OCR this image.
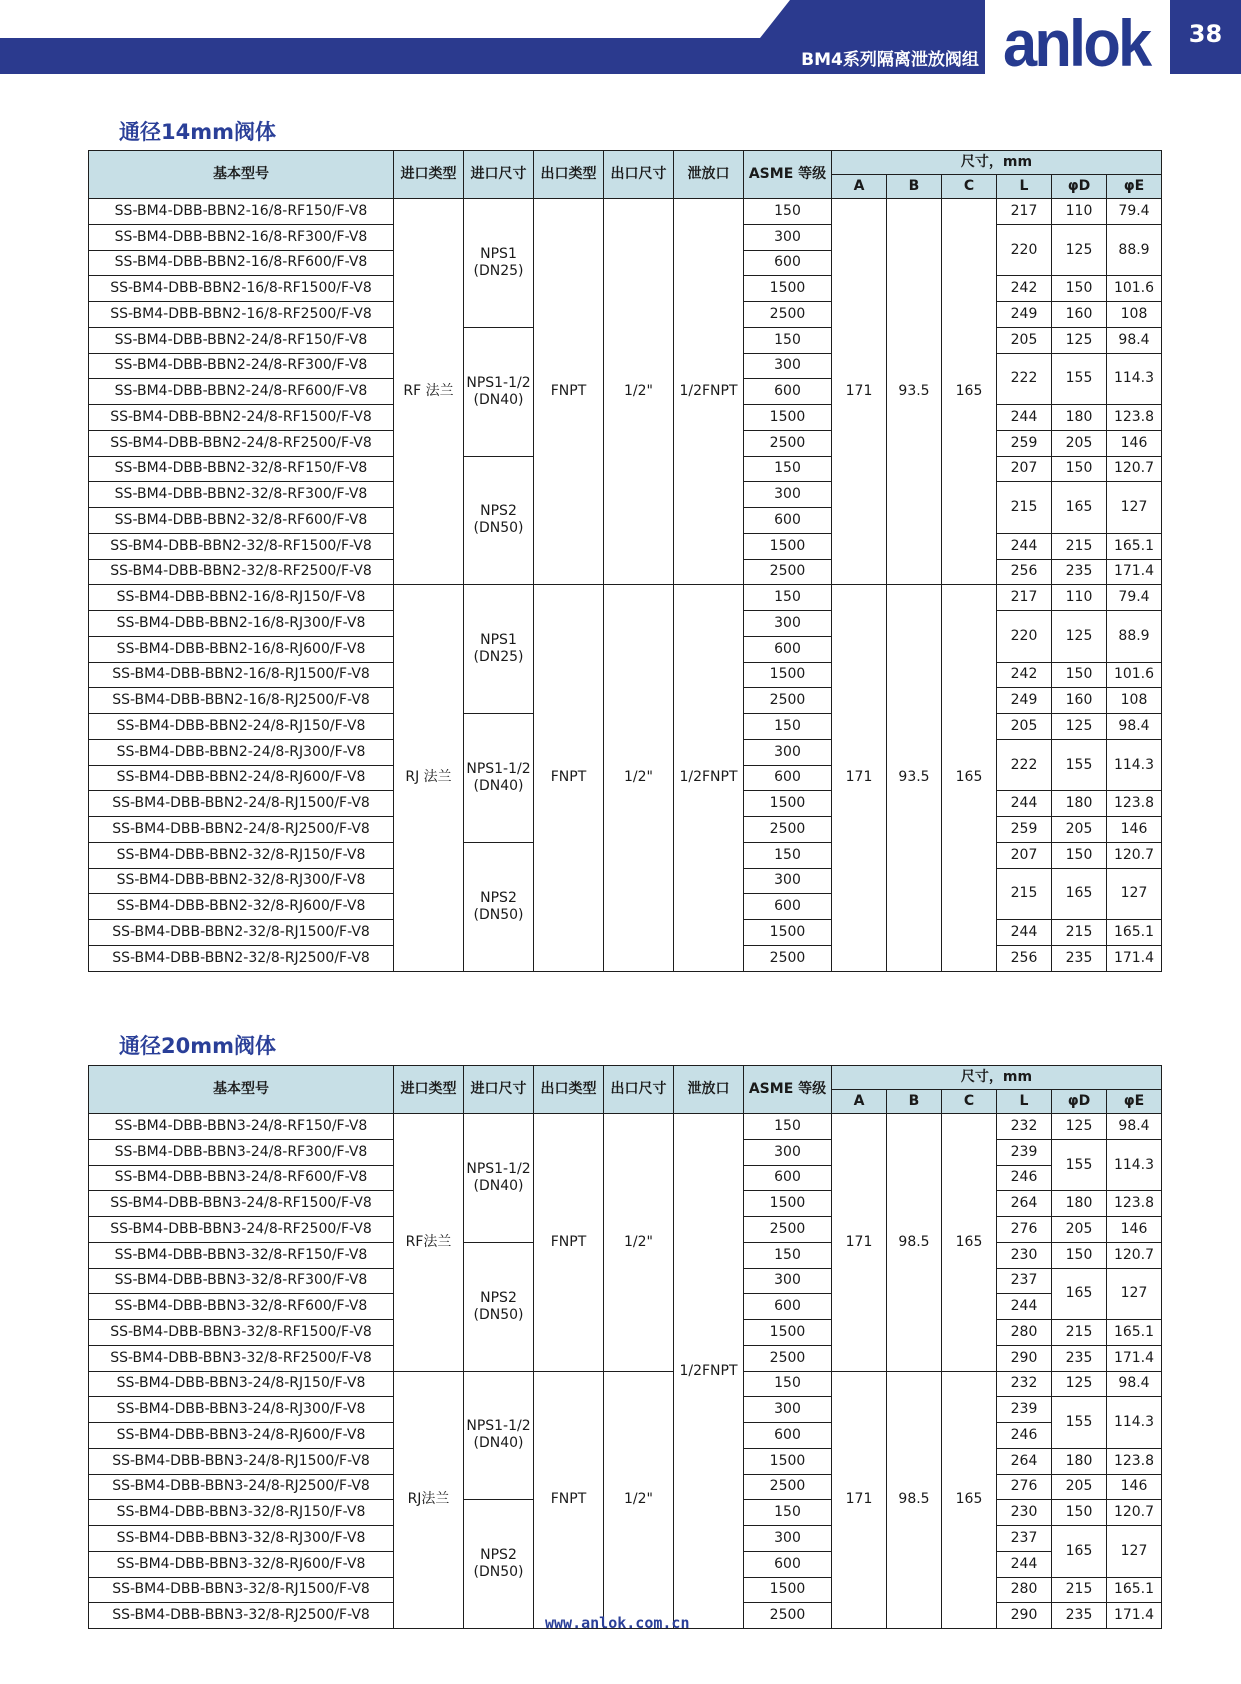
BM4系列隔离泄放阀组 anlok	38
通径14mm阀体
基本型号	进口类型	进口尺寸	出口类型	出口尺寸	泄放口	ASME 等级	尺寸，mm					
							A	B	C	L	φD	φE
SS-BM4-DBB-BBN2-16/8-RF150/F-V8	RF 法兰	NPS1 (DN25)	FNPT	1/2"	1/2FNPT	150	171	93.5	165	217	110	79.4
SS-BM4-DBB-BBN2-16/8-RF300/F-V8						300				220	125	88.9
SS-BM4-DBB-BBN2-16/8-RF600/F-V8						600						
SS-BM4-DBB-BBN2-16/8-RF1500/F-V8						1500				242	150	101.6
SS-BM4-DBB-BBN2-16/8-RF2500/F-V8						2500				249	160	108
SS-BM4-DBB-BBN2-24/8-RF150/F-V8		NPS1-1/2 (DN40)				150				205	125	98.4
SS-BM4-DBB-BBN2-24/8-RF300/F-V8						300				222	155	114.3
SS-BM4-DBB-BBN2-24/8-RF600/F-V8						600						
SS-BM4-DBB-BBN2-24/8-RF1500/F-V8						1500				244	180	123.8
SS-BM4-DBB-BBN2-24/8-RF2500/F-V8						2500				259	205	146
SS-BM4-DBB-BBN2-32/8-RF150/F-V8		NPS2 (DN50)				150				207	150	120.7
SS-BM4-DBB-BBN2-32/8-RF300/F-V8						300				215	165	127
SS-BM4-DBB-BBN2-32/8-RF600/F-V8						600						
SS-BM4-DBB-BBN2-32/8-RF1500/F-V8						1500				244	215	165.1
SS-BM4-DBB-BBN2-32/8-RF2500/F-V8						2500				256	235	171.4
SS-BM4-DBB-BBN2-16/8-RJ150/F-V8	RJ 法兰	NPS1 (DN25)	FNPT	1/2"	1/2FNPT	150	171	93.5	165	217	110	79.4
SS-BM4-DBB-BBN2-16/8-RJ300/F-V8						300				220	125	88.9
SS-BM4-DBB-BBN2-16/8-RJ600/F-V8						600						
SS-BM4-DBB-BBN2-16/8-RJ1500/F-V8						1500				242	150	101.6
SS-BM4-DBB-BBN2-16/8-RJ2500/F-V8						2500				249	160	108
SS-BM4-DBB-BBN2-24/8-RJ150/F-V8		NPS1-1/2 (DN40)				150				205	125	98.4
SS-BM4-DBB-BBN2-24/8-RJ300/F-V8						300				222	155	114.3
SS-BM4-DBB-BBN2-24/8-RJ600/F-V8						600						
SS-BM4-DBB-BBN2-24/8-RJ1500/F-V8						1500				244	180	123.8
SS-BM4-DBB-BBN2-24/8-RJ2500/F-V8						2500				259	205	146
SS-BM4-DBB-BBN2-32/8-RJ150/F-V8		NPS2 (DN50)				150				207	150	120.7
SS-BM4-DBB-BBN2-32/8-RJ300/F-V8						300				215	165	127
SS-BM4-DBB-BBN2-32/8-RJ600/F-V8						600						
SS-BM4-DBB-BBN2-32/8-RJ1500/F-V8						1500				244	215	165.1
SS-BM4-DBB-BBN2-32/8-RJ2500/F-V8						2500				256	235	171.4
通径20mm阀体
基本型号	进口类型	进口尺寸	出口类型	出口尺寸	泄放口	ASME 等级	尺寸，mm					
							A	B	C	L	φD	φE
SS-BM4-DBB-BBN3-24/8-RF150/F-V8	RF法兰	NPS1-1/2 (DN40)	FNPT	1/2"	1/2FNPT	150	171	98.5	165	232	125	98.4
SS-BM4-DBB-BBN3-24/8-RF300/F-V8						300				239	155	114.3
SS-BM4-DBB-BBN3-24/8-RF600/F-V8						600				246		
SS-BM4-DBB-BBN3-24/8-RF1500/F-V8						1500				264	180	123.8
SS-BM4-DBB-BBN3-24/8-RF2500/F-V8						2500				276	205	146
SS-BM4-DBB-BBN3-32/8-RF150/F-V8		NPS2 (DN50)				150				230	150	120.7
SS-BM4-DBB-BBN3-32/8-RF300/F-V8						300				237	165	127
SS-BM4-DBB-BBN3-32/8-RF600/F-V8						600				244		
SS-BM4-DBB-BBN3-32/8-RF1500/F-V8						1500				280	215	165.1
SS-BM4-DBB-BBN3-32/8-RF2500/F-V8						2500				290	235	171.4
SS-BM4-DBB-BBN3-24/8-RJ150/F-V8	RJ法兰	NPS1-1/2 (DN40)	FNPT	1/2"		150	171	98.5	165	232	125	98.4
SS-BM4-DBB-BBN3-24/8-RJ300/F-V8						300				239	155	114.3
SS-BM4-DBB-BBN3-24/8-RJ600/F-V8						600				246		
SS-BM4-DBB-BBN3-24/8-RJ1500/F-V8						1500				264	180	123.8
SS-BM4-DBB-BBN3-24/8-RJ2500/F-V8						2500				276	205	146
SS-BM4-DBB-BBN3-32/8-RJ150/F-V8		NPS2 (DN50)				150				230	150	120.7
SS-BM4-DBB-BBN3-32/8-RJ300/F-V8						300				237	165	127
SS-BM4-DBB-BBN3-32/8-RJ600/F-V8						600				244		
SS-BM4-DBB-BBN3-32/8-RJ1500/F-V8						1500				280	215	165.1
SS-BM4-DBB-BBN3-32/8-RJ2500/F-V8						2500				290	235	171.4
www.anlok.com.cn
